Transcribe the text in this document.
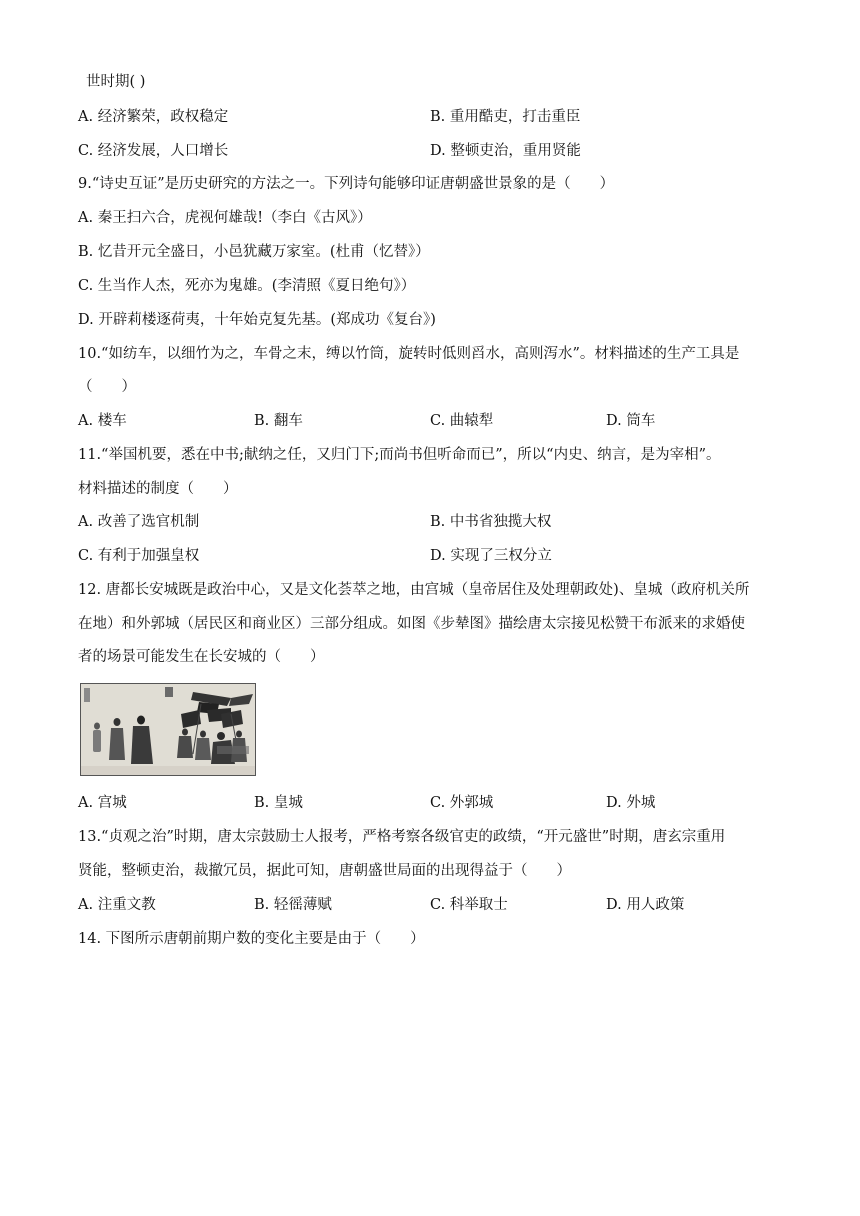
世时期( )
A. 经济繁荣，政权稳定	B. 重用酷吏，打击重臣
C. 经济发展，人口增长	D. 整顿吏治，重用贤能
9.“诗史互证”是历史研究的方法之一。下列诗句能够印证唐朝盛世景象的是（　　）
A. 秦王扫六合，虎视何雄哉!（李白《古风》）
B. 忆昔开元全盛日，小邑犹藏万家室。(杜甫（忆替》）
C. 生当作人杰，死亦为鬼雄。(李清照《夏日绝句》）
D. 开辟莉楼逐荷夷，十年始克复先基。(郑成功《复台》)
10.“如纺车，以细竹为之，车骨之末，缚以竹筒，旋转时低则舀水，高则泻水”。材料描述的生产工具是
（　　）
A. 楼车	B. 翻车	C. 曲辕犁	D. 筒车
11.“举国机要，悉在中书;献纳之任，又归门下;而尚书但听命而已”，所以“内史、纳言，是为宰相”。
材料描述的制度（　　）
A. 改善了选官机制	B. 中书省独揽大权
C. 有利于加强皇权	D. 实现了三权分立
12. 唐都长安城既是政治中心，又是文化荟萃之地，由宫城（皇帝居住及处理朝政处)、皇城（政府机关所
在地）和外郭城（居民区和商业区）三部分组成。如图《步辇图》描绘唐太宗接见松赞干布派来的求婚使
者的场景可能发生在长安城的（　　）
A. 宫城	B. 皇城	C. 外郭城	D. 外城
13.“贞观之治”时期，唐太宗鼓励士人报考，严格考察各级官吏的政绩，“开元盛世”时期，唐玄宗重用
贤能，整顿吏治，裁撤冗员，据此可知，唐朝盛世局面的出现得益于（　　）
A. 注重文教	B. 轻徭薄赋	C. 科举取士	D. 用人政策
14. 下图所示唐朝前期户数的变化主要是由于（　　）
